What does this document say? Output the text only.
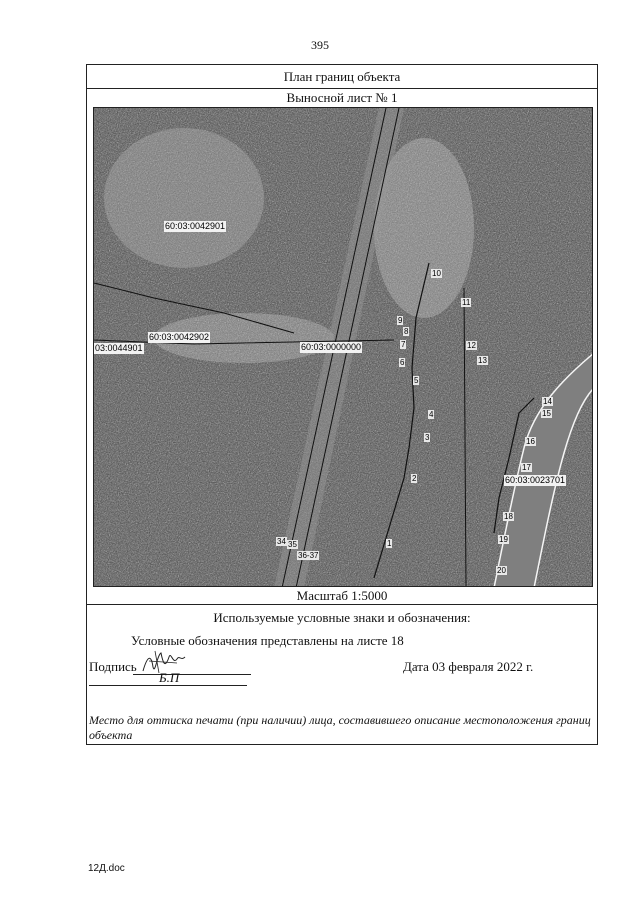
395
План границ объекта
Выносной лист № 1
60:03:0042901
60:03:0042902
03:0044901	60:03:0000000
60:03:0023701
1
2
3
4
5
6
7
8
9
10
11
12
13
14
15
16
17
18
19
20
34 35
36-37
Масштаб 1:5000
Используемые условные знаки и обозначения:
Условные обозначения представлены на листе 18
Подпись	Дата 03 февраля 2022 г.
Б.П
Место для оттиска печати (при наличии) лица, составившего описание местоположения границ объекта
12Д.doc
